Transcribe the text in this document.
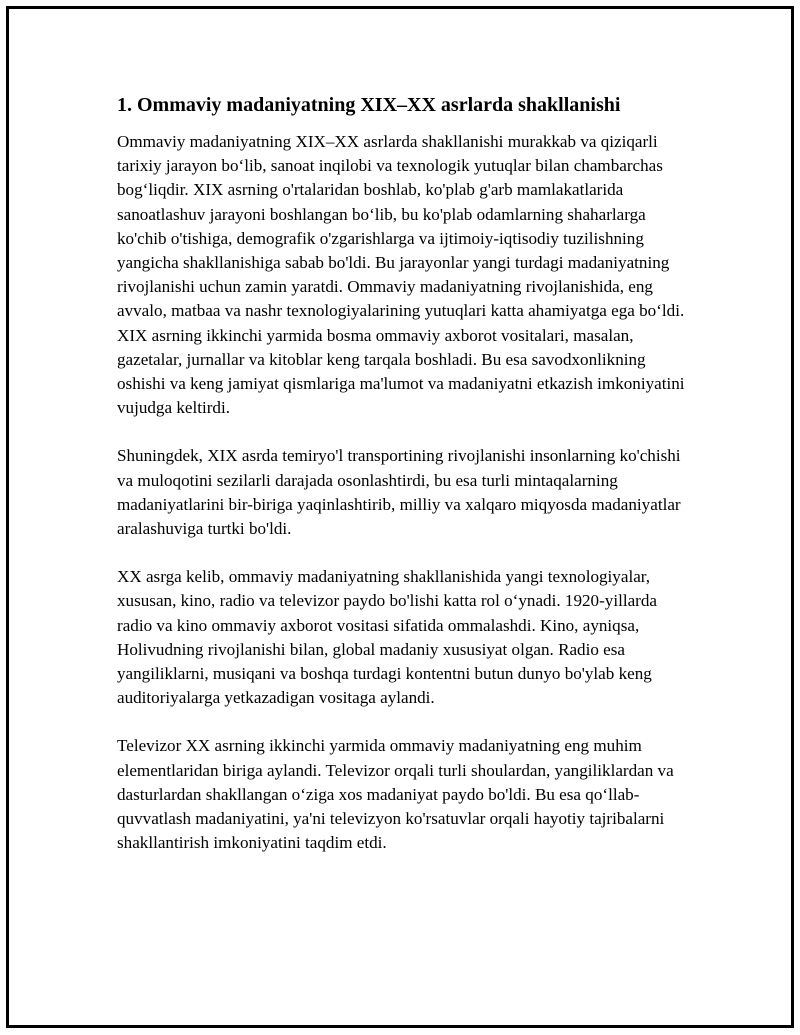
1. Ommaviy madaniyatning XIX–XX asrlarda shakllanishi

Ommaviy madaniyatning XIX–XX asrlarda shakllanishi murakkab va qiziqarli tarixiy jarayon bo‘lib, sanoat inqilobi va texnologik yutuqlar bilan chambarchas bog‘liqdir. XIX asrning o'rtalaridan boshlab, ko'plab g'arb mamlakatlarida sanoatlashuv jarayoni boshlangan bo‘lib, bu ko'plab odamlarning shaharlarga ko'chib o'tishiga, demografik o'zgarishlarga va ijtimoiy-iqtisodiy tuzilishning yangicha shakllanishiga sabab bo'ldi. Bu jarayonlar yangi turdagi madaniyatning rivojlanishi uchun zamin yaratdi. Ommaviy madaniyatning rivojlanishida, eng avvalo, matbaa va nashr texnologiyalarining yutuqlari katta ahamiyatga ega bo‘ldi. XIX asrning ikkinchi yarmida bosma ommaviy axborot vositalari, masalan, gazetalar, jurnallar va kitoblar keng tarqala boshladi. Bu esa savodxonlikning oshishi va keng jamiyat qismlariga ma'lumot va madaniyatni etkazish imkoniyatini vujudga keltirdi.

Shuningdek, XIX asrda temiryo'l transportining rivojlanishi insonlarning ko'chishi va muloqotini sezilarli darajada osonlashtirdi, bu esa turli mintaqalarning madaniyatlarini bir-biriga yaqinlashtirib, milliy va xalqaro miqyosda madaniyatlar aralashuviga turtki bo'ldi.

XX asrga kelib, ommaviy madaniyatning shakllanishida yangi texnologiyalar, xususan, kino, radio va televizor paydo bo'lishi katta rol o‘ynadi. 1920-yillarda radio va kino ommaviy axborot vositasi sifatida ommalashdi. Kino, ayniqsa, Holivudning rivojlanishi bilan, global madaniy xususiyat olgan. Radio esa yangiliklarni, musiqani va boshqa turdagi kontentni butun dunyo bo'ylab keng auditoriyalarga yetkazadigan vositaga aylandi.

Televizor XX asrning ikkinchi yarmida ommaviy madaniyatning eng muhim elementlaridan biriga aylandi. Televizor orqali turli shoulardan, yangiliklardan va dasturlardan shakllangan o‘ziga xos madaniyat paydo bo'ldi. Bu esa qo‘llab-quvvatlash madaniyatini, ya'ni televizyon ko'rsatuvlar orqali hayotiy tajribalarni shakllantirish imkoniyatini taqdim etdi.
